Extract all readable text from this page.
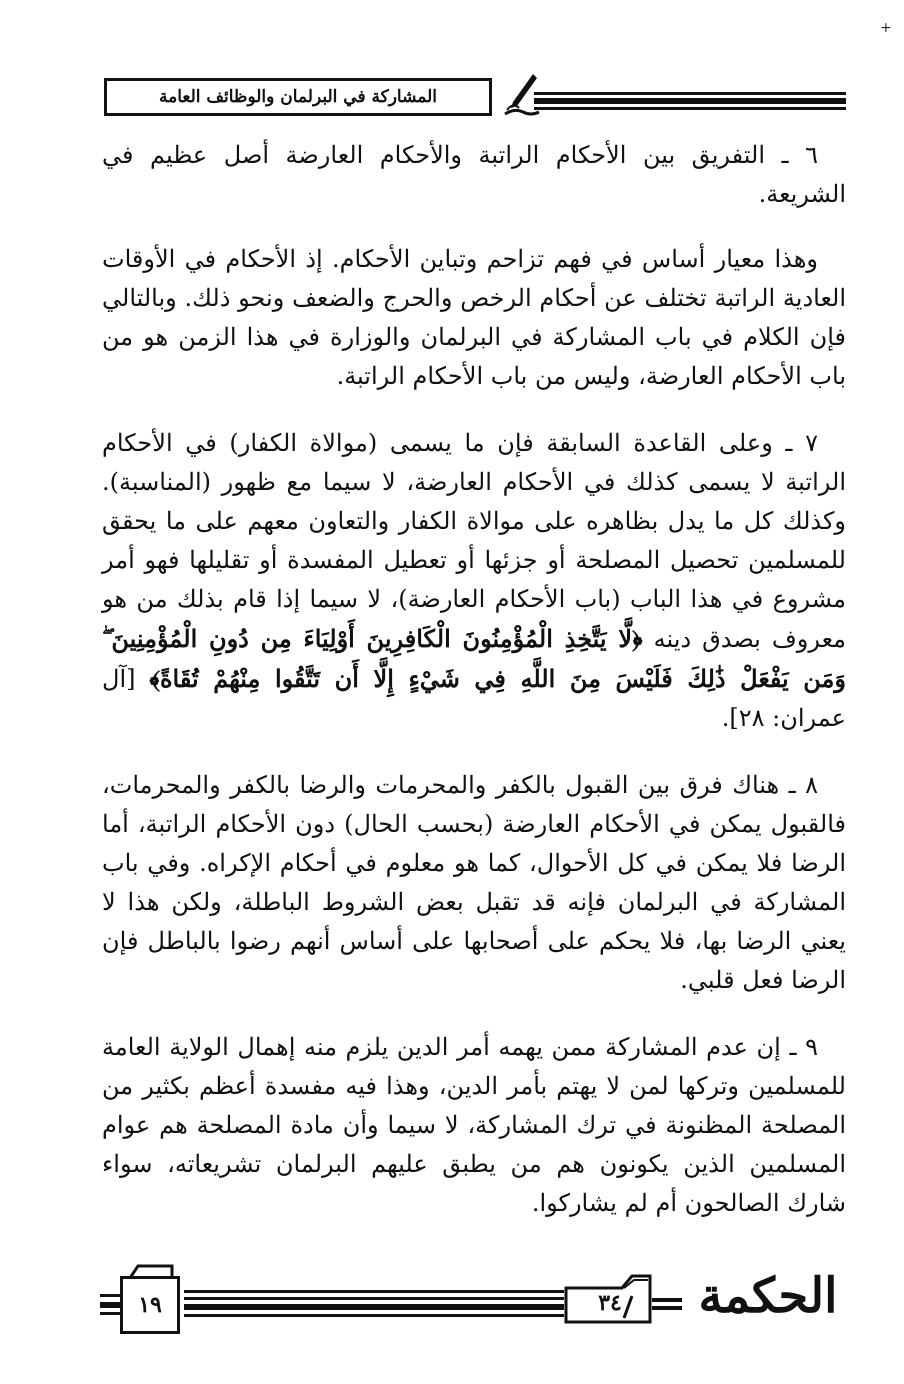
+
المشاركة في البرلمان والوظائف العامة

٦ ـ التفريق بين الأحكام الراتبة والأحكام العارضة أصل عظيم في الشريعة.

وهذا معيار أساس في فهم تزاحم وتباين الأحكام. إذ الأحكام في الأوقات العادية الراتبة تختلف عن أحكام الرخص والحرج والضعف ونحو ذلك. وبالتالي فإن الكلام في باب المشاركة في البرلمان والوزارة في هذا الزمن هو من باب الأحكام العارضة، وليس من باب الأحكام الراتبة.

٧ ـ وعلى القاعدة السابقة فإن ما يسمى (موالاة الكفار) في الأحكام الراتبة لا يسمى كذلك في الأحكام العارضة، لا سيما مع ظهور (المناسبة). وكذلك كل ما يدل بظاهره على موالاة الكفار والتعاون معهم على ما يحقق للمسلمين تحصيل المصلحة أو جزئها أو تعطيل المفسدة أو تقليلها فهو أمر مشروع في هذا الباب (باب الأحكام العارضة)، لا سيما إذا قام بذلك من هو معروف بصدق دينه ﴿لَّا يَتَّخِذِ الْمُؤْمِنُونَ الْكَافِرِينَ أَوْلِيَاءَ مِن دُونِ الْمُؤْمِنِينَ ۖ وَمَن يَفْعَلْ ذَٰلِكَ فَلَيْسَ مِنَ اللَّهِ فِي شَيْءٍ إِلَّا أَن تَتَّقُوا مِنْهُمْ تُقَاةً﴾ [آل عمران: ٢٨].

٨ ـ هناك فرق بين القبول بالكفر والمحرمات والرضا بالكفر والمحرمات، فالقبول يمكن في الأحكام العارضة (بحسب الحال) دون الأحكام الراتبة، أما الرضا فلا يمكن في كل الأحوال، كما هو معلوم في أحكام الإكراه. وفي باب المشاركة في البرلمان فإنه قد تقبل بعض الشروط الباطلة، ولكن هذا لا يعني الرضا بها، فلا يحكم على أصحابها على أساس أنهم رضوا بالباطل فإن الرضا فعل قلبي.

٩ ـ إن عدم المشاركة ممن يهمه أمر الدين يلزم منه إهمال الولاية العامة للمسلمين وتركها لمن لا يهتم بأمر الدين، وهذا فيه مفسدة أعظم بكثير من المصلحة المظنونة في ترك المشاركة، لا سيما وأن مادة المصلحة هم عوام المسلمين الذين يكونون هم من يطبق عليهم البرلمان تشريعاته، سواء شارك الصالحون أم لم يشاركوا.

١٩	٣٤	الحكمة
